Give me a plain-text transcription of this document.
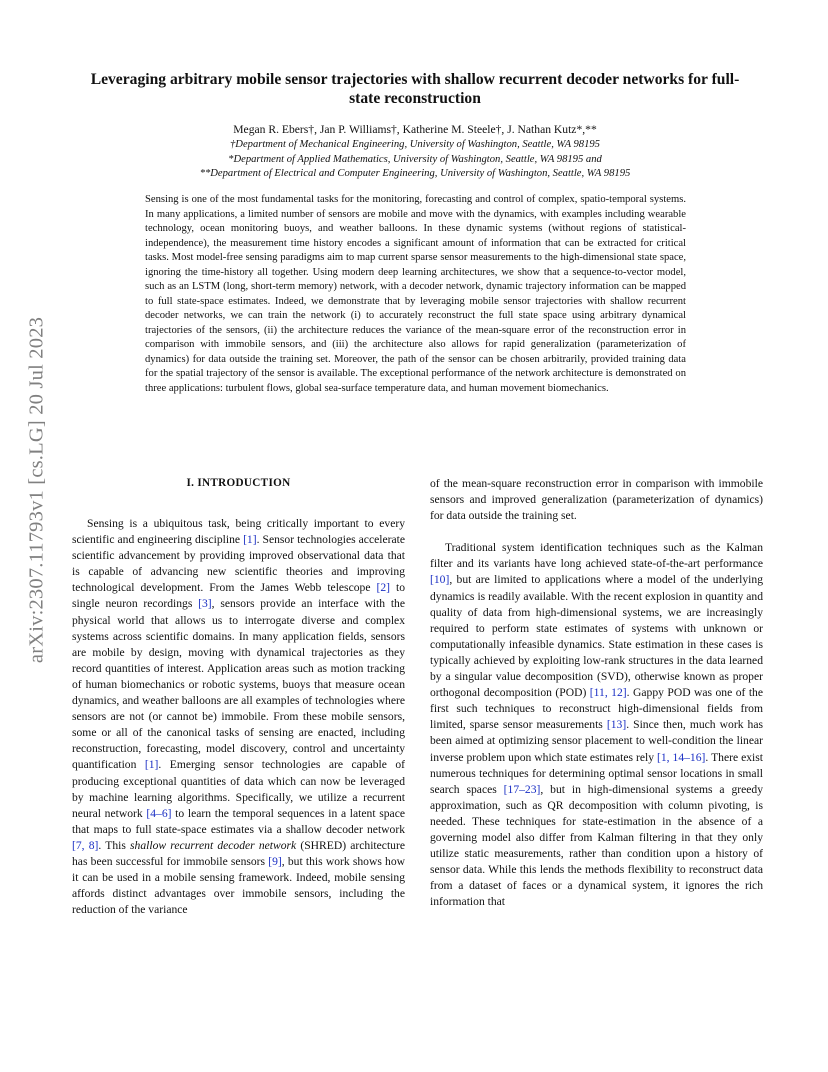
arXiv:2307.11793v1 [cs.LG] 20 Jul 2023
Leveraging arbitrary mobile sensor trajectories with shallow recurrent decoder networks for full-state reconstruction
Megan R. Ebers†, Jan P. Williams†, Katherine M. Steele†, J. Nathan Kutz*,**
†Department of Mechanical Engineering, University of Washington, Seattle, WA 98195
*Department of Applied Mathematics, University of Washington, Seattle, WA 98195 and
**Department of Electrical and Computer Engineering, University of Washington, Seattle, WA 98195
Sensing is one of the most fundamental tasks for the monitoring, forecasting and control of complex, spatio-temporal systems. In many applications, a limited number of sensors are mobile and move with the dynamics, with examples including wearable technology, ocean monitoring buoys, and weather balloons. In these dynamic systems (without regions of statistical-independence), the measurement time history encodes a significant amount of information that can be extracted for critical tasks. Most model-free sensing paradigms aim to map current sparse sensor measurements to the high-dimensional state space, ignoring the time-history all together. Using modern deep learning architectures, we show that a sequence-to-vector model, such as an LSTM (long, short-term memory) network, with a decoder network, dynamic trajectory information can be mapped to full state-space estimates. Indeed, we demonstrate that by leveraging mobile sensor trajectories with shallow recurrent decoder networks, we can train the network (i) to accurately reconstruct the full state space using arbitrary dynamical trajectories of the sensors, (ii) the architecture reduces the variance of the mean-square error of the reconstruction error in comparison with immobile sensors, and (iii) the architecture also allows for rapid generalization (parameterization of dynamics) for data outside the training set. Moreover, the path of the sensor can be chosen arbitrarily, provided training data for the spatial trajectory of the sensor is available. The exceptional performance of the network architecture is demonstrated on three applications: turbulent flows, global sea-surface temperature data, and human movement biomechanics.
I. INTRODUCTION

Sensing is a ubiquitous task, being critically important to every scientific and engineering discipline [1]. Sensor technologies accelerate scientific advancement by providing improved observational data that is capable of advancing new scientific theories and improving technological development. From the James Webb telescope [2] to single neuron recordings [3], sensors provide an interface with the physical world that allows us to interrogate diverse and complex systems across scientific domains. In many application fields, sensors are mobile by design, moving with dynamical trajectories as they record quantities of interest. Application areas such as motion tracking of human biomechanics or robotic systems, buoys that measure ocean dynamics, and weather balloons are all examples of technologies where sensors are not (or cannot be) immobile. From these mobile sensors, some or all of the canonical tasks of sensing are enacted, including reconstruction, forecasting, model discovery, control and uncertainty quantification [1]. Emerging sensor technologies are capable of producing exceptional quantities of data which can now be leveraged by machine learning algorithms. Specifically, we utilize a recurrent neural network [4–6] to learn the temporal sequences in a latent space that maps to full state-space estimates via a shallow decoder network [7, 8]. This shallow recurrent decoder network (SHRED) architecture has been successful for immobile sensors [9], but this work shows how it can be used in a mobile sensing framework. Indeed, mobile sensing affords distinct advantages over immobile sensors, including the reduction of the variance

of the mean-square reconstruction error in comparison with immobile sensors and improved generalization (parameterization of dynamics) for data outside the training set.

Traditional system identification techniques such as the Kalman filter and its variants have long achieved state-of-the-art performance [10], but are limited to applications where a model of the underlying dynamics is readily available. With the recent explosion in quantity and quality of data from high-dimensional systems, we are increasingly required to perform state estimates of systems with unknown or computationally infeasible dynamics. State estimation in these cases is typically achieved by exploiting low-rank structures in the data learned by a singular value decomposition (SVD), otherwise known as proper orthogonal decomposition (POD) [11, 12]. Gappy POD was one of the first such techniques to reconstruct high-dimensional fields from limited, sparse sensor measurements [13]. Since then, much work has been aimed at optimizing sensor placement to well-condition the linear inverse problem upon which state estimates rely [1, 14–16]. There exist numerous techniques for determining optimal sensor locations in small search spaces [17–23], but in high-dimensional systems a greedy approximation, such as QR decomposition with column pivoting, is needed. These techniques for state-estimation in the absence of a governing model also differ from Kalman filtering in that they only utilize static measurements, rather than condition upon a history of sensor data. While this lends the methods flexibility to reconstruct data from a dataset of faces or a dynamical system, it ignores the rich information that
